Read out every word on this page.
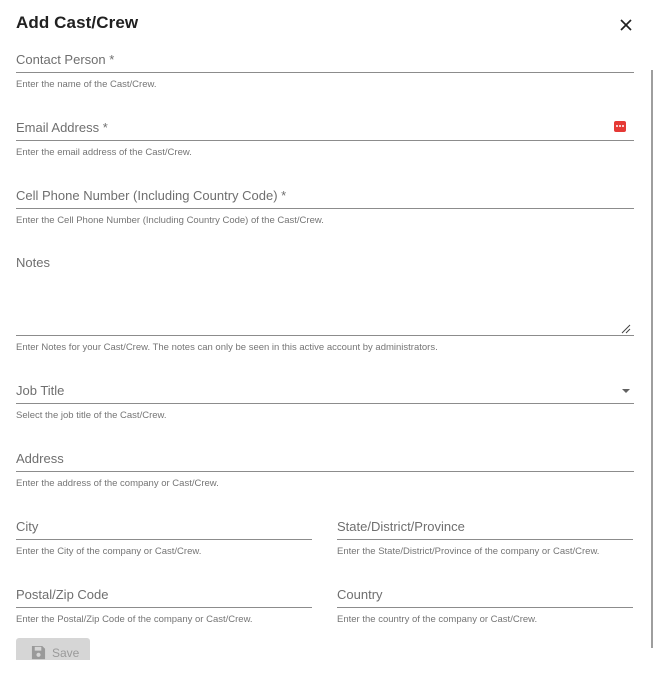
Add Cast/Crew
Contact Person *
Enter the name of the Cast/Crew.
Email Address *
Enter the email address of the Cast/Crew.
Cell Phone Number (Including Country Code) *
Enter the Cell Phone Number (Including Country Code) of the Cast/Crew.
Notes
Enter Notes for your Cast/Crew. The notes can only be seen in this active account by administrators.
Job Title
Select the job title of the Cast/Crew.
Address
Enter the address of the company or Cast/Crew.
City
Enter the City of the company or Cast/Crew.
State/District/Province
Enter the State/District/Province of the company or Cast/Crew.
Postal/Zip Code
Enter the Postal/Zip Code of the company or Cast/Crew.
Country
Enter the country of the company or Cast/Crew.
Save
